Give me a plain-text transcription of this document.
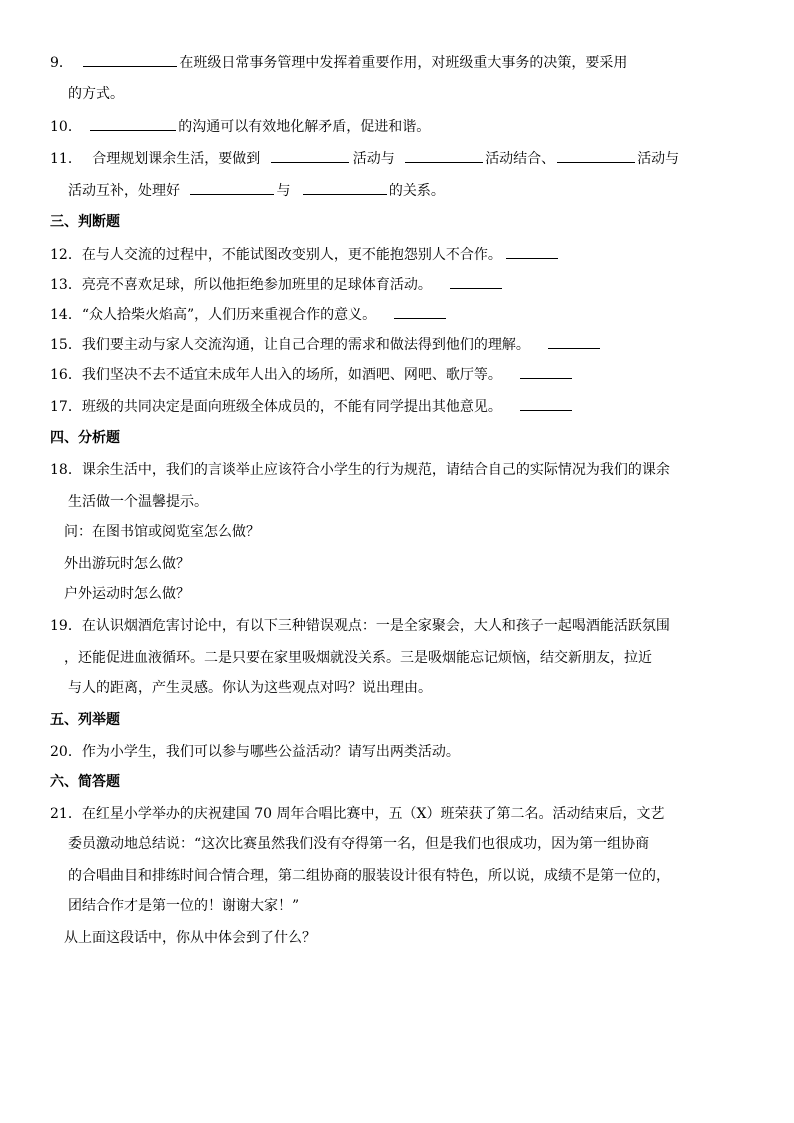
9．	在班级日常事务管理中发挥着重要作用，对班级重大事务的决策，要采用
的方式。
10．	的沟通可以有效地化解矛盾，促进和谐。
11． 合理规划课余生活，要做到	活动与	活动结合、	活动与
活动互补，处理好	与	的关系。
三、判断题
12．在与人交流的过程中，不能试图改变别人，更不能抱怨别人不合作。
13．亮亮不喜欢足球，所以他拒绝参加班里的足球体育活动。
14．“众人拾柴火焰高”，人们历来重视合作的意义。
15．我们要主动与家人交流沟通，让自己合理的需求和做法得到他们的理解。
16．我们坚决不去不适宜未成年人出入的场所，如酒吧、网吧、歌厅等。
17．班级的共同决定是面向班级全体成员的，不能有同学提出其他意见。
四、分析题
18．课余生活中，我们的言谈举止应该符合小学生的行为规范，请结合自己的实际情况为我们的课余
生活做一个温馨提示。
问：在图书馆或阅览室怎么做？
外出游玩时怎么做？
户外运动时怎么做？
19．在认识烟酒危害讨论中，有以下三种错误观点：一是全家聚会，大人和孩子一起喝酒能活跃氛围
，还能促进血液循环。二是只要在家里吸烟就没关系。三是吸烟能忘记烦恼，结交新朋友，拉近
与人的距离，产生灵感。你认为这些观点对吗？说出理由。
五、列举题
20．作为小学生，我们可以参与哪些公益活动？请写出两类活动。
六、简答题
21．在红星小学举办的庆祝建国 70 周年合唱比赛中，五（X）班荣获了第二名。活动结束后，文艺
委员激动地总结说：“这次比赛虽然我们没有夺得第一名，但是我们也很成功，因为第一组协商
的合唱曲目和排练时间合情合理，第二组协商的服装设计很有特色，所以说，成绩不是第一位的，
团结合作才是第一位的！谢谢大家！”
从上面这段话中，你从中体会到了什么？
